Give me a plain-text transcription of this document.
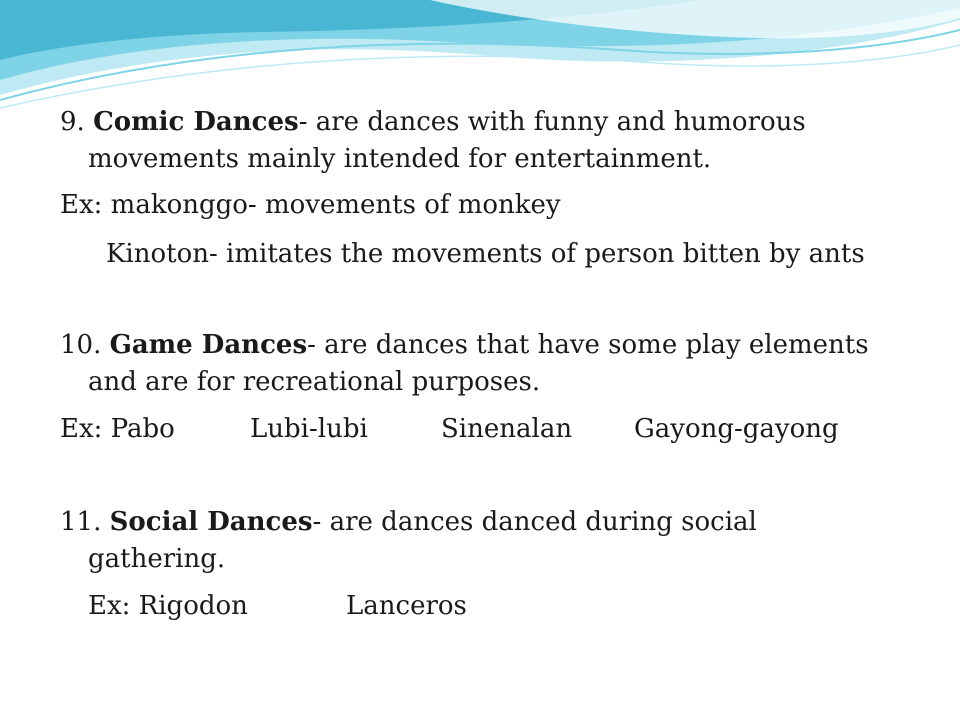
9. Comic Dances- are dances with funny and humorous
movements mainly intended for entertainment.
Ex: makonggo- movements of monkey
Kinoton- imitates the movements of person bitten by ants
10. Game Dances- are dances that have some play elements
and are for recreational purposes.
Ex: Pabo	Lubi-lubi	Sinenalan Gayong-gayong
11. Social Dances- are dances danced during social
gathering.
Ex: Rigodon	Lanceros
